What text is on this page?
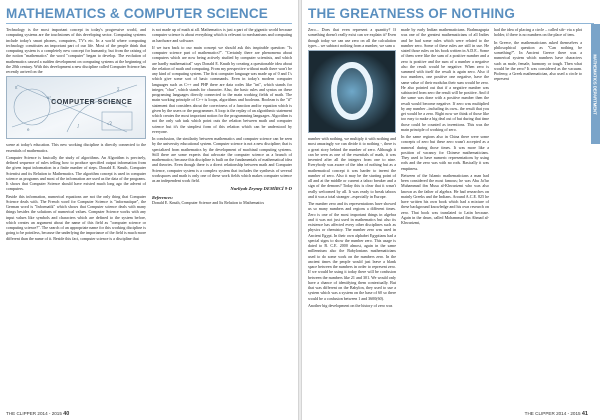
MATHEMATICS & COMPUTER SCIENCE

Technology is the most important concept in today's progressive world, and computing systems are the touchstones of this developing sector. Computing systems include today's smart phones, computers, TV's etc. In a world where computing technology constitutes an important part of our life. Most of the people think that computing system is a completely new concept for humanity, but from the raising of the notion "mathematics" the word "computer" began to develop. The evolution of mathematics caused a sudden development on computing systems at the beginning of the 20th century. With this development a new discipline called Computer Science has recently arrived on the

π	Σ
∫
x²
√2
e
COMPUTER SCIENCE

scene at today's education. This new working discipline is directly connected to the essentials of mathematics.

Computer Science is basically the study of algorithms. An Algorithm is precisely, defined sequence of rules telling how to produce specified output information from the given input information in a finite number of steps. Donald E. Knuth, Computer Scientist and its Relation to Mathematics. The algorithm concept is used in computer science as programs and most of the information are used as the data of the programs. It shows that Computer Science should have existed much long ago the advent of computers.

Beside this information, numerical equations are not the only thing that Computer Science deals with. The French word for Computer Science is "informatique", the German word is "Informatik" which shows that Computer science deals with many things besides the solutions of numerical values. Computer Science works with any input values like symbols and characters which are defined to the system before, which creates an argument about the name of this field as "computer science or computing science?". The search of an appropriate name for this working discipline is going to be pointless, because the underlying the importance of the field is much more different than the name of it. Beside this fact, computer science is a discipline that

is not made up of math at all. Mathematics is just a part of the gigantic world because computer science is about everything which is relevant to mechanisms and computing as hardware and software.

If we turn back to our main concept we should ask this inspirable question: "Is computer science part of mathematics?". "Certainly there are phenomena about computers which are now being actively studied by computer scientists, and which are hardly mathematical" says Donald E. Knuth by creating a questionable idea about the relation of math and computing. From my perspective without math there won't be any kind of computing system. The first computer language was made up of 0 and 1's which give some sort of basic commands. Even in today's modern computer languages such as C++ and PHP there are data codes like "int", which stands for integer, "char", which stands for character. Also, the basic rules and syntax on these programing languages directly connected to the main working fields of math. The main working principle of C++ is loops, algorithms and booleans. Boolean is the "if" statement that considers about the correctness of a function and/or equation which is given by the users or the programmer. A loop is the replay of an algorithmic statement which creates the most important notion for the programming languages. Algorithm is not the only sub task which point outs the relation between math and computer science but it's the simplest form of this relation which can be understood by everyone.

In conclusion, the similarity between mathematics and computer science can be seen by the university educational system. Computer science is not a new discipline; that is specialized from mathematics by the development of machinal computing systems. Still there are some experts that advocate the computer science as a branch of mathematics; because this discipline is built on the fundamentals of mathematical idea and theories. Even though there is a direct relationship between math and Computer Science, computer system is a complex system that includes the synthesis of several workspaces and math is only one of these work fields which makes computer science as an independent work field.

Nurliyah Zeynep DEMİRCİ 9-D
References:
Donald E. Knuth, Computer Science and Its Relation to Mathematics
THE CLIPPER 2014 - 2015 40
THE GREATNESS OF NOTHING

Zero... Does that even represent a quantity? If something doesn't really exist can we explain it? Even though today we can use zero on all the calculation types – we subtract nothing from a number, we sum a

number with nothing, we multiply it with nothing and most amazingly we can divide it to nothing -, there is a great story behind the number of zero. Although it can be seen as one of the essentials of math, it was invented after all the integers from one to nine. Everybody was aware of the idea of nothing but as a mathematical concept it was harder to invent the number of zero. Also it may be the starting point of all and at the middle or current a taboo breaker and a sign of the demons? Today this is clear that it wasn't really welcomed by all. It was ready to break taboos and it was a total stranger –especially in Europe.

The number zero and its representations have showed us so many numbers and regions a different times. Zero is one of the most important things in algebra and it was not just used in mathematics but also its existence has affected every other disciplines such as physics or chemistry. The number zero was used in Ancient Egypt. In their own alphabet Egyptians had a special signs to show the number zero. This usage is dated to B. C.E. 2000 almost, again in the same millennium also the Babylonians mathematicians used to do some work on the numbers zero. In the ancient times the people would just leave a blank space between the numbers in order to represent zero. If we would be using it today there will be confusion between the numbers like 21 and 301. We would only have a chance of identifying them contextually. But that was different on the Babylon, they used to use a system which was a system on the base of 60 so there would be a confusion between 1 and 3600(60).

Another big development on the history of zero was

made by early Indian mathematicians. Brahmagupta was one of the greatest mathematicians of all Indies and he had some rules which were related to the number zero. Some of these rules are still in use. He stated those rules on his book written in A.D.E.. Some of them were like the sum of a positive number and a zero is positive and the sum of a number a negative also the result would be negative. When zero is summed with itself the result is again zero. Also if two numbers, one positive one negative, have the same value of their modulus their sum would be zero. He also pointed out that if a negative number was subtracted from zero the result will be positive. And if the same was done with a positive number then the result would become negative. If zero was multiplied by any number –including its own– the result that you get would be a zero. Right now we think of those like too easy to make a big deal out of but during that time those could be counted as inventions. This was the main principle of working of zero.

In the same regions also in China there were some concepts of zero but these zero wasn't accepted as a numeral during those times. It was more like a position of vacancy for Chinese mathematicians. They used to have numeric representations by using rods and the zero was with no rods. Basically it was emptiness.

Between of the Islamic mathematicians a man had been considered the most famous; he was Abu Ja'far Muhammad ibn Musa al-Khwarizmi who was also known as the father of algebra. He had researches on mainly Greeks and the Indians. Around A.C.E. 825 he have written his own book which had a mixture of these background knowledge and his own research on zero. That book was translated to Latin because. Again in the dawn, called Mohammad ibn Ahmad al-Khwarizmi,

had the idea of placing a circle – called sifr- via a plot holder, if there is no numbers on the place of tens.

In Greece, the mathematicians asked themselves a philosophical question as "Can nothing be something?". In Ancient Greece there was a numerical system which numbers have characters such as male, female, harmony or tough. Then what would be the zero? It was considered as the vacuum. Ptolemy, a Greek mathematician, also used a circle to represent	MATHEMATICS DEPARTMENT
THE CLIPPER 2014 - 2015 41
